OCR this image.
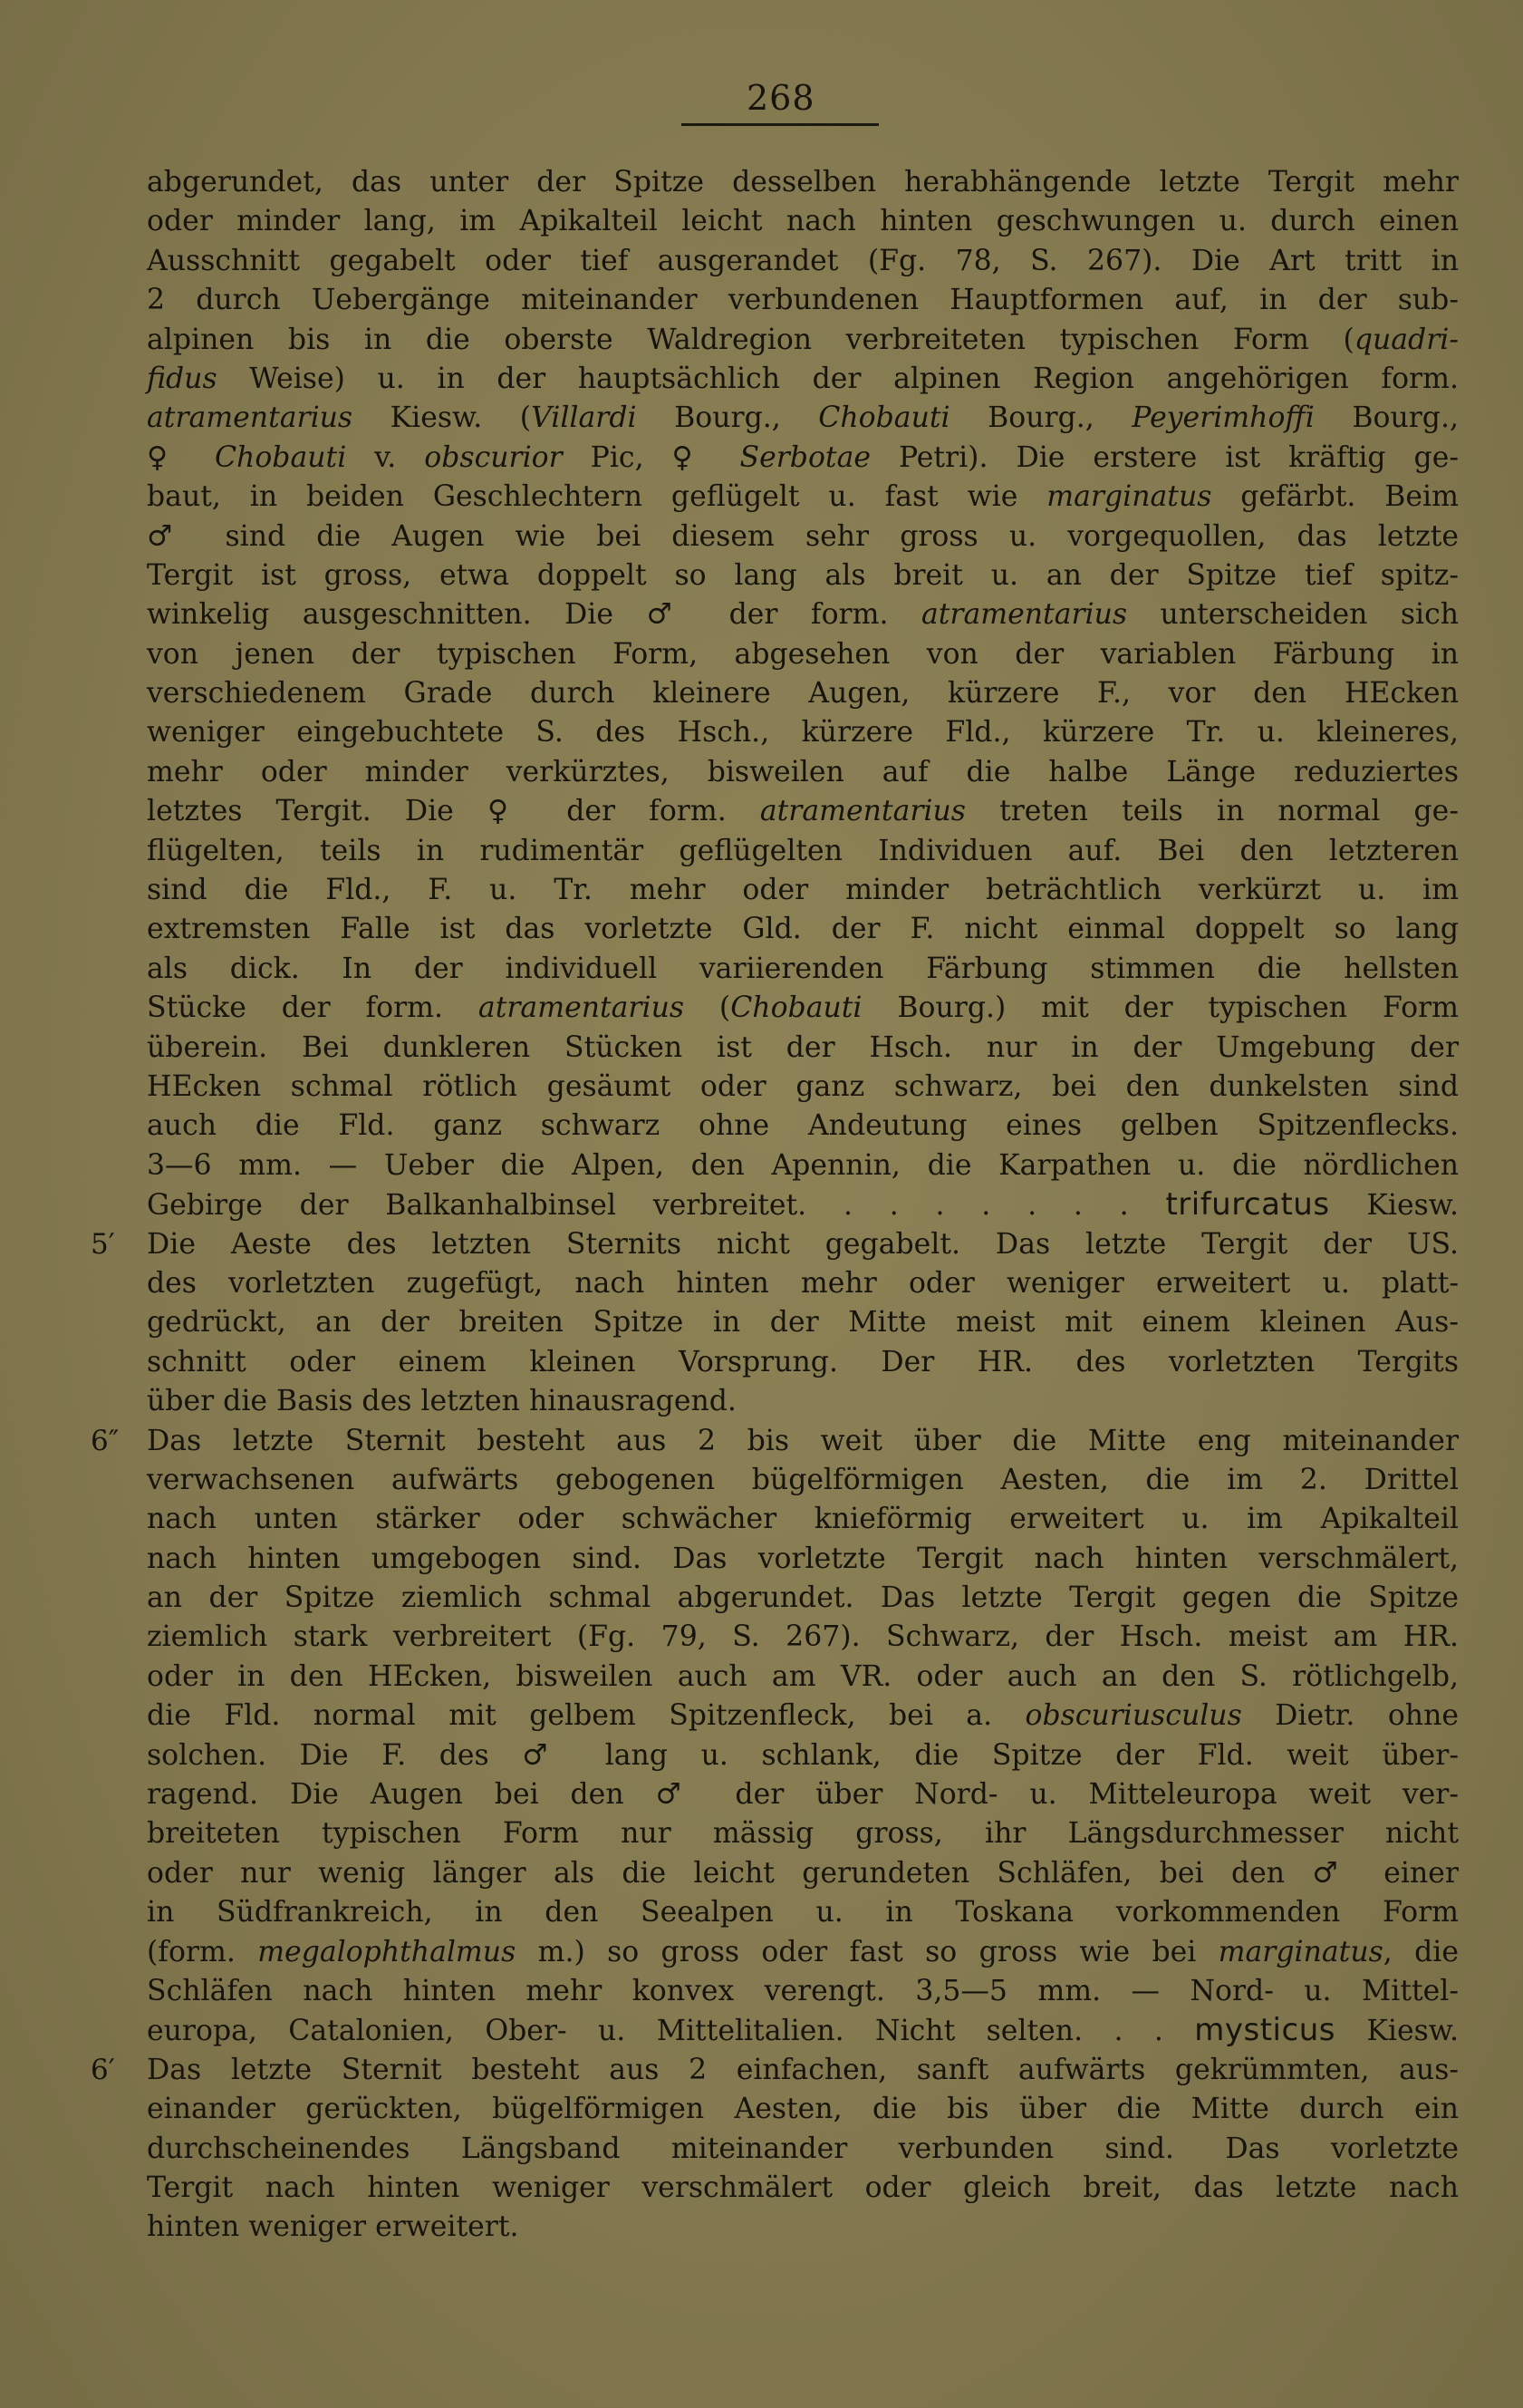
268
abgerundet, das unter der Spitze desselben herabhängende letzte Tergit mehr
oder minder lang, im Apikalteil leicht nach hinten geschwungen u. durch einen
Ausschnitt gegabelt oder tief ausgerandet (Fg. 78, S. 267). Die Art tritt in
2 durch Uebergänge miteinander verbundenen Hauptformen auf, in der sub-
alpinen bis in die oberste Waldregion verbreiteten typischen Form (quadri-
fidus Weise) u. in der hauptsächlich der alpinen Region angehörigen form.
atramentarius Kiesw. (Villardi Bourg., Chobauti Bourg., Peyerimhoffi Bourg.,
♀ Chobauti v. obscurior Pic, ♀ Serbotae Petri). Die erstere ist kräftig ge-
baut, in beiden Geschlechtern geflügelt u. fast wie marginatus gefärbt. Beim
♂ sind die Augen wie bei diesem sehr gross u. vorgequollen, das letzte
Tergit ist gross, etwa doppelt so lang als breit u. an der Spitze tief spitz-
winkelig ausgeschnitten. Die ♂ der form. atramentarius unterscheiden sich
von jenen der typischen Form, abgesehen von der variablen Färbung in
verschiedenem Grade durch kleinere Augen, kürzere F., vor den HEcken
weniger eingebuchtete S. des Hsch., kürzere Fld., kürzere Tr. u. kleineres,
mehr oder minder verkürztes, bisweilen auf die halbe Länge reduziertes
letztes Tergit. Die ♀ der form. atramentarius treten teils in normal ge-
flügelten, teils in rudimentär geflügelten Individuen auf. Bei den letzteren
sind die Fld., F. u. Tr. mehr oder minder beträchtlich verkürzt u. im
extremsten Falle ist das vorletzte Gld. der F. nicht einmal doppelt so lang
als dick. In der individuell variierenden Färbung stimmen die hellsten
Stücke der form. atramentarius (Chobauti Bourg.) mit der typischen Form
überein. Bei dunkleren Stücken ist der Hsch. nur in der Umgebung der
HEcken schmal rötlich gesäumt oder ganz schwarz, bei den dunkelsten sind
auch die Fld. ganz schwarz ohne Andeutung eines gelben Spitzenflecks.
3—6 mm. — Ueber die Alpen, den Apennin, die Karpathen u. die nördlichen
Gebirge der Balkanhalbinsel verbreitet. . . . . . . . trifurcatus Kiesw.
5′	Die Aeste des letzten Sternits nicht gegabelt. Das letzte Tergit der US.
des vorletzten zugefügt, nach hinten mehr oder weniger erweitert u. platt-
gedrückt, an der breiten Spitze in der Mitte meist mit einem kleinen Aus-
schnitt oder einem kleinen Vorsprung. Der HR. des vorletzten Tergits
über die Basis des letzten hinausragend.
6″ Das letzte Sternit besteht aus 2 bis weit über die Mitte eng miteinander
verwachsenen aufwärts gebogenen bügelförmigen Aesten, die im 2. Drittel
nach unten stärker oder schwächer knieförmig erweitert u. im Apikalteil
nach hinten umgebogen sind. Das vorletzte Tergit nach hinten verschmälert,
an der Spitze ziemlich schmal abgerundet. Das letzte Tergit gegen die Spitze
ziemlich stark verbreitert (Fg. 79, S. 267). Schwarz, der Hsch. meist am HR.
oder in den HEcken, bisweilen auch am VR. oder auch an den S. rötlichgelb,
die Fld. normal mit gelbem Spitzenfleck, bei a. obscuriusculus Dietr. ohne
solchen. Die F. des ♂ lang u. schlank, die Spitze der Fld. weit über-
ragend. Die Augen bei den ♂ der über Nord- u. Mitteleuropa weit ver-
breiteten typischen Form nur mässig gross, ihr Längsdurchmesser nicht
oder nur wenig länger als die leicht gerundeten Schläfen, bei den ♂ einer
in Südfrankreich, in den Seealpen u. in Toskana vorkommenden Form
(form. megalophthalmus m.) so gross oder fast so gross wie bei marginatus, die
Schläfen nach hinten mehr konvex verengt. 3,5—5 mm. — Nord- u. Mittel-
europa, Catalonien, Ober- u. Mittelitalien. Nicht selten. . . mysticus Kiesw.
6′	Das letzte Sternit besteht aus 2 einfachen, sanft aufwärts gekrümmten, aus-
einander gerückten, bügelförmigen Aesten, die bis über die Mitte durch ein
durchscheinendes Längsband miteinander verbunden sind. Das vorletzte
Tergit nach hinten weniger verschmälert oder gleich breit, das letzte nach
hinten weniger erweitert.
